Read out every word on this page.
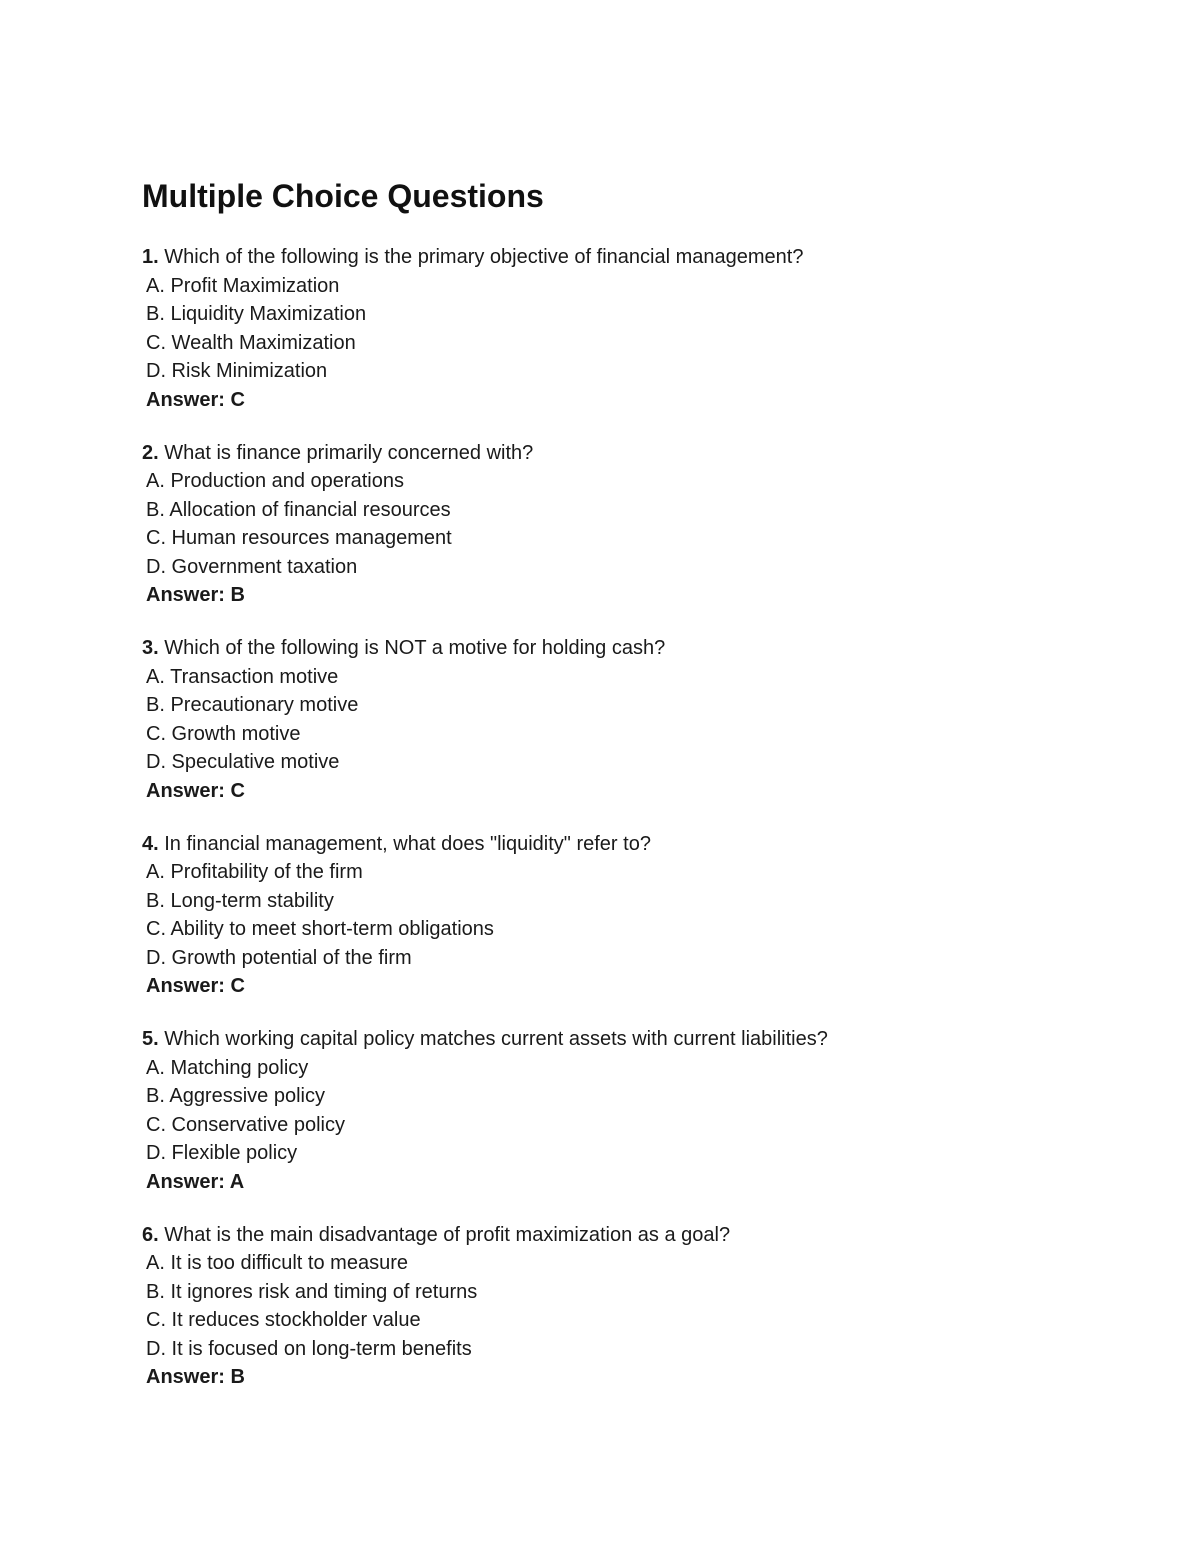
Multiple Choice Questions
1. Which of the following is the primary objective of financial management?
A. Profit Maximization
B. Liquidity Maximization
C. Wealth Maximization
D. Risk Minimization
Answer: C
2. What is finance primarily concerned with?
A. Production and operations
B. Allocation of financial resources
C. Human resources management
D. Government taxation
Answer: B
3. Which of the following is NOT a motive for holding cash?
A. Transaction motive
B. Precautionary motive
C. Growth motive
D. Speculative motive
Answer: C
4. In financial management, what does "liquidity" refer to?
A. Profitability of the firm
B. Long-term stability
C. Ability to meet short-term obligations
D. Growth potential of the firm
Answer: C
5. Which working capital policy matches current assets with current liabilities?
A. Matching policy
B. Aggressive policy
C. Conservative policy
D. Flexible policy
Answer: A
6. What is the main disadvantage of profit maximization as a goal?
A. It is too difficult to measure
B. It ignores risk and timing of returns
C. It reduces stockholder value
D. It is focused on long-term benefits
Answer: B
